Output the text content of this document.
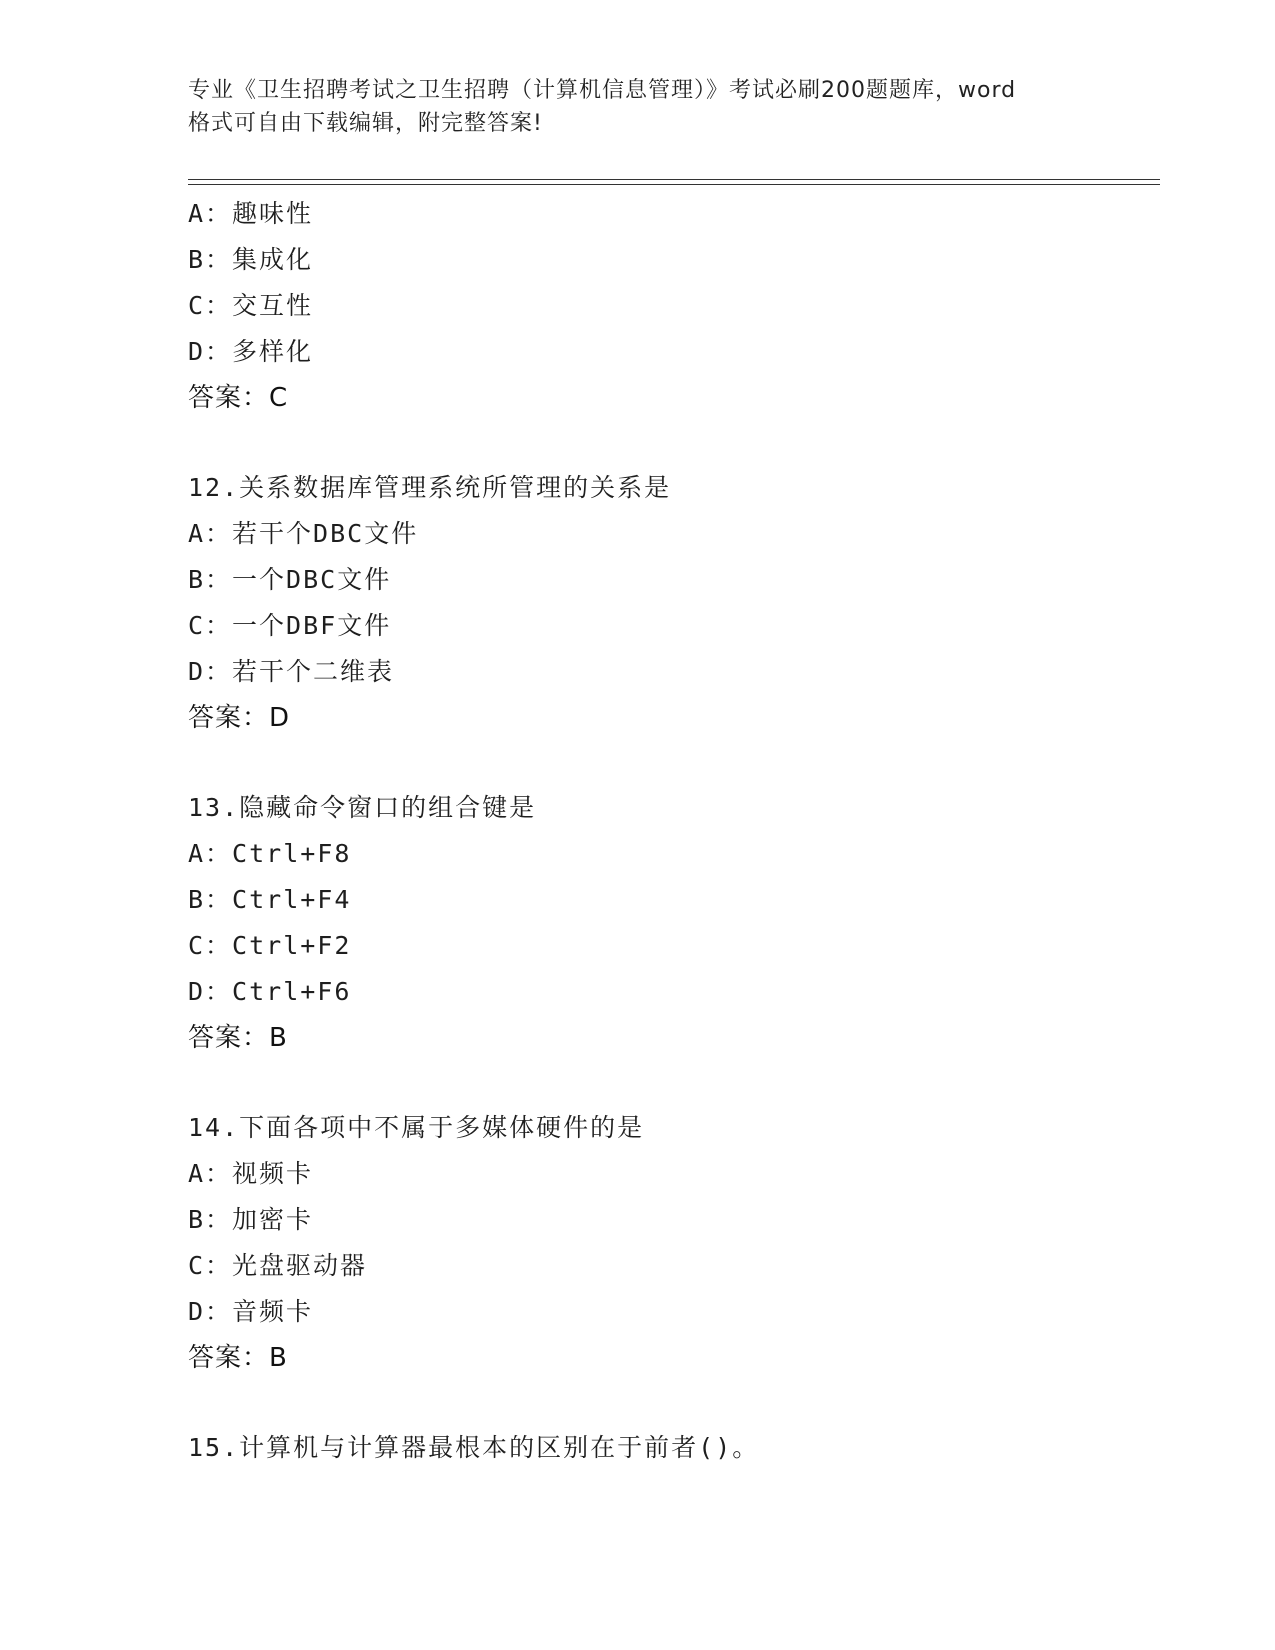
专业《卫生招聘考试之卫生招聘（计算机信息管理）》考试必刷200题题库，word
格式可自由下载编辑，附完整答案!
A：趣味性
B：集成化
C：交互性
D：多样化
答案：C
12.关系数据库管理系统所管理的关系是
A：若干个DBC文件
B：一个DBC文件
C：一个DBF文件
D：若干个二维表
答案：D
13.隐藏命令窗口的组合键是
A：Ctrl+F8
B：Ctrl+F4
C：Ctrl+F2
D：Ctrl+F6
答案：B
14.下面各项中不属于多媒体硬件的是
A：视频卡
B：加密卡
C：光盘驱动器
D：音频卡
答案：B
15.计算机与计算器最根本的区别在于前者()。
